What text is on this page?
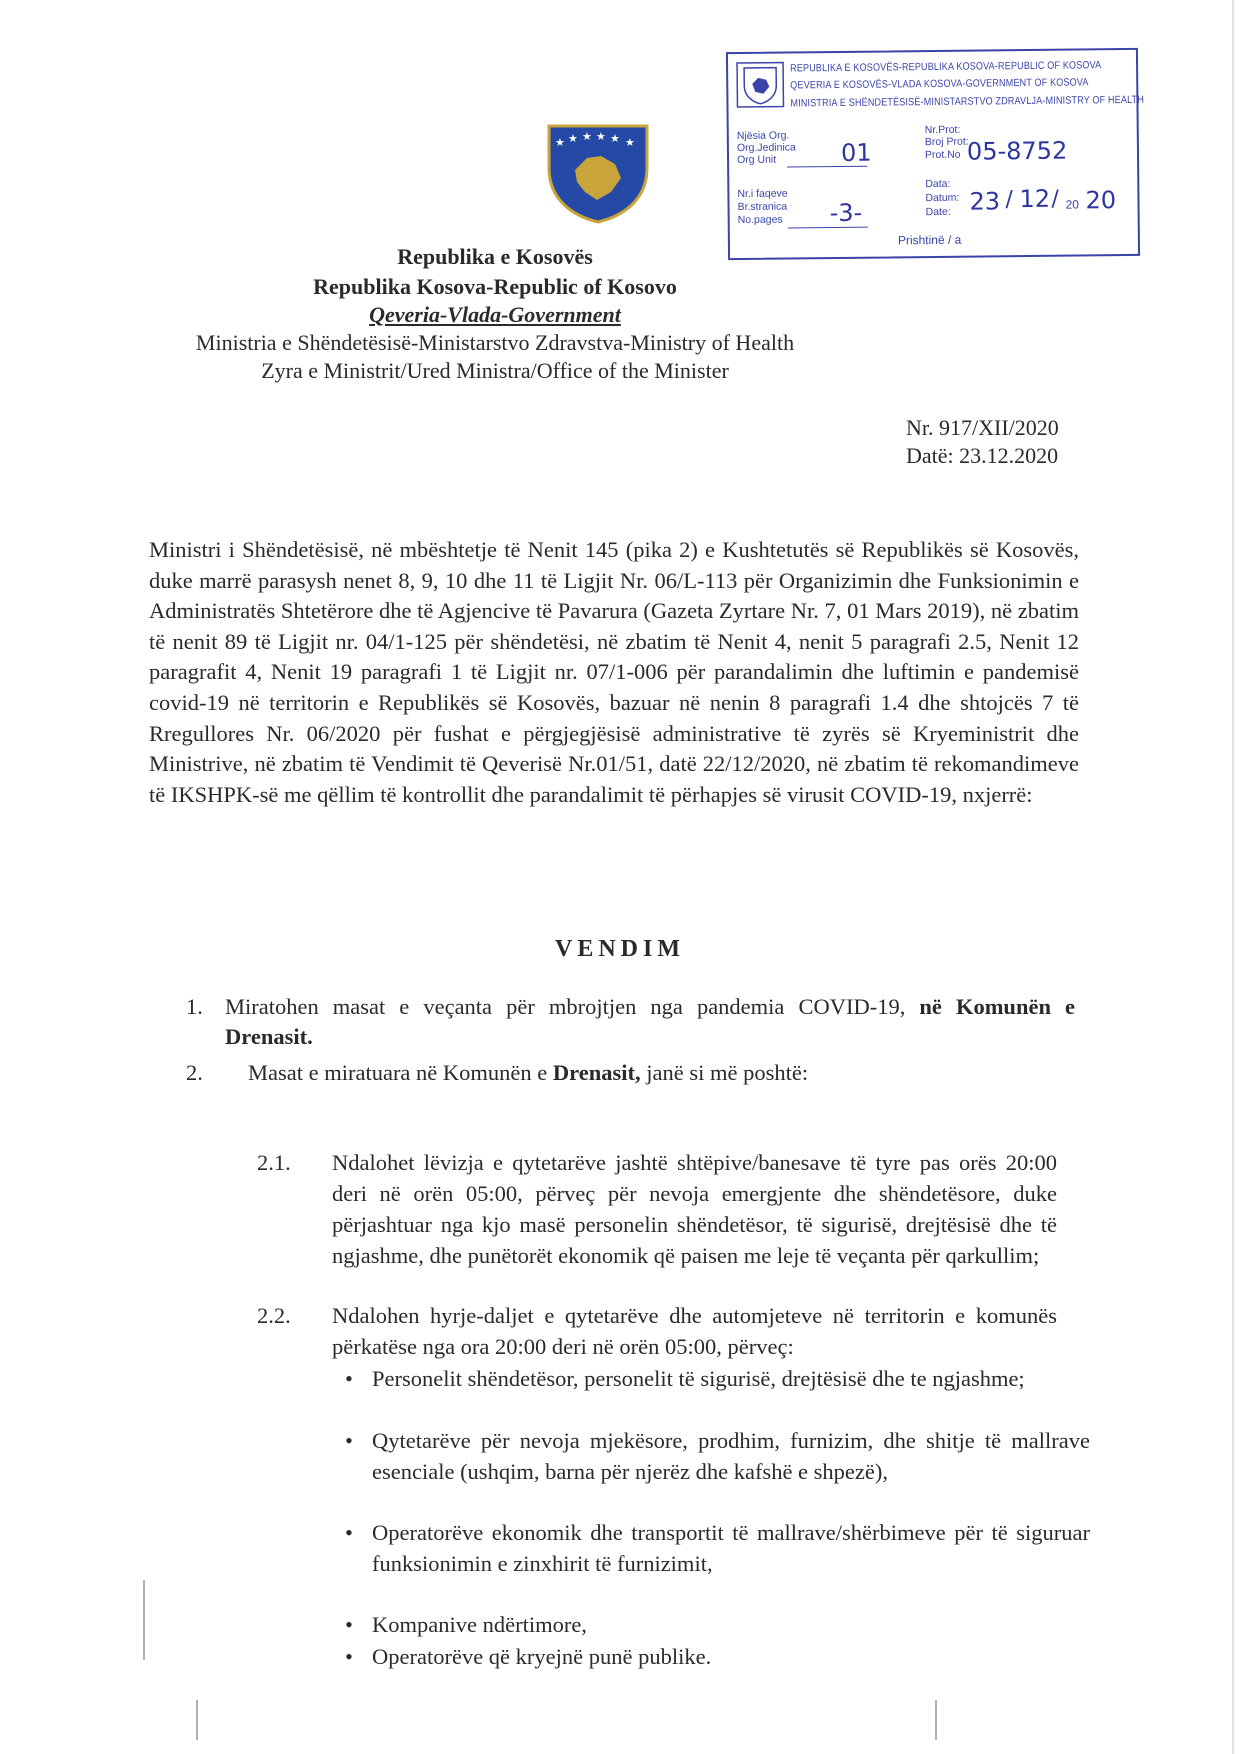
★ ★ ★ ★ ★ ★
REPUBLIKA E KOSOVËS-REPUBLIKA KOSOVA-REPUBLIC OF KOSOVA
QEVERIA E KOSOVËS-VLADA KOSOVA-GOVERNMENT OF KOSOVA
MINISTRIA E SHËNDETËSISË-MINISTARSTVO ZDRAVLJA-MINISTRY OF HEALTH
Njësia Org.
Org.Jedinica
Org Unit	01
Nr.Prot:
Broj Prot:
Prot.No 05-8752
Nr.i faqeve
Br.stranica
No.pages -3-
Data:
Datum:
Date: 23 / 12 / 20 20
Prishtinë / a
Republika e Kosovës
Republika Kosova-Republic of Kosovo
Qeveria-Vlada-Government
Ministria e Shëndetësisë-Ministarstvo Zdravstva-Ministry of Health
Zyra e Ministrit/Ured Ministra/Office of the Minister
Nr. 917/XII/2020
Datë: 23.12.2020
Ministri i Shëndetësisë, në mbështetje të Nenit 145 (pika 2) e Kushtetutës së Republikës së Kosovës, duke marrë parasysh nenet 8, 9, 10 dhe 11 të Ligjit Nr. 06/L-113 për Organizimin dhe Funksionimin e Administratës Shtetërore dhe të Agjencive të Pavarura (Gazeta Zyrtare Nr. 7, 01 Mars 2019), në zbatim të nenit 89 të Ligjit nr. 04/1-125 për shëndetësi, në zbatim të Nenit 4, nenit 5 paragrafi 2.5, Nenit 12 paragrafit 4, Nenit 19 paragrafi 1 të Ligjit nr. 07/1-006 për parandalimin dhe luftimin e pandemisë covid-19 në territorin e Republikës së Kosovës, bazuar në nenin 8 paragrafi 1.4 dhe shtojcës 7 të Rregullores Nr. 06/2020 për fushat e përgjegjësisë administrative të zyrës së Kryeministrit dhe Ministrive, në zbatim të Vendimit të Qeverisë Nr.01/51, datë 22/12/2020, në zbatim të rekomandimeve të IKSHPK-së me qëllim të kontrollit dhe parandalimit të përhapjes së virusit COVID-19, nxjerrë:
VENDIM
1. Miratohen masat e veçanta për mbrojtjen nga pandemia COVID-19, në Komunën e Drenasit.
2. Masat e miratuara në Komunën e Drenasit, janë si më poshtë:
2.1. Ndalohet lëvizja e qytetarëve jashtë shtëpive/banesave të tyre pas orës 20:00 deri në orën 05:00, përveç për nevoja emergjente dhe shëndetësore, duke përjashtuar nga kjo masë personelin shëndetësor, të sigurisë, drejtësisë dhe të ngjashme, dhe punëtorët ekonomik që paisen me leje të veçanta për qarkullim;
2.2. Ndalohen hyrje-daljet e qytetarëve dhe automjeteve në territorin e komunës përkatëse nga ora 20:00 deri në orën 05:00, përveç:
• Personelit shëndetësor, personelit të sigurisë, drejtësisë dhe te ngjashme;
• Qytetarëve për nevoja mjekësore, prodhim, furnizim, dhe shitje të mallrave esenciale (ushqim, barna për njerëz dhe kafshë e shpezë),
• Operatorëve ekonomik dhe transportit të mallrave/shërbimeve për të siguruar funksionimin e zinxhirit të furnizimit,
• Kompanive ndërtimore,
• Operatorëve që kryejnë punë publike.
